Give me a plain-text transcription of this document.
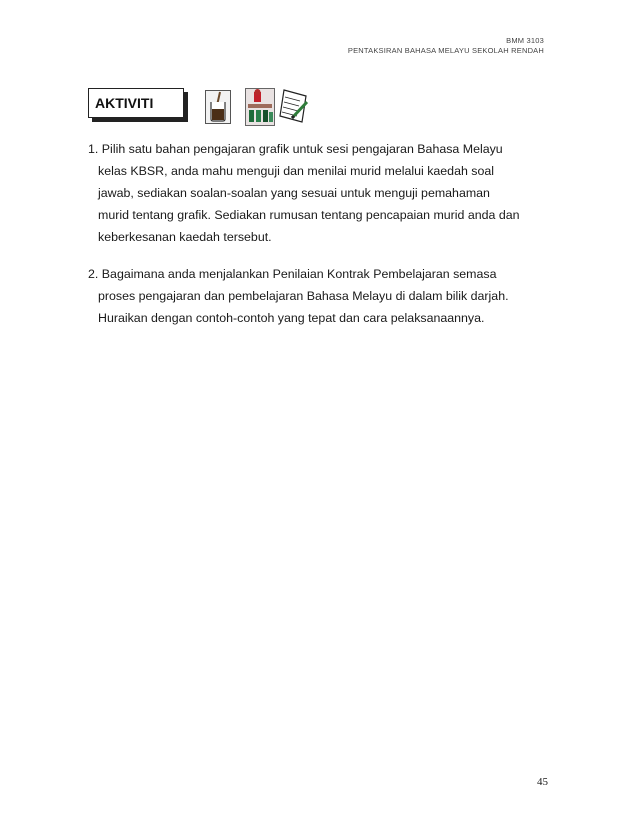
BMM 3103
PENTAKSIRAN BAHASA MELAYU SEKOLAH RENDAH
AKTIVITI
1. Pilih satu bahan pengajaran grafik untuk sesi pengajaran Bahasa Melayu
kelas KBSR, anda mahu menguji dan menilai murid melalui kaedah soal
jawab, sediakan soalan-soalan yang sesuai untuk menguji pemahaman
murid tentang grafik. Sediakan rumusan tentang pencapaian murid anda dan
keberkesanan kaedah tersebut.
2. Bagaimana anda menjalankan Penilaian Kontrak Pembelajaran semasa
proses pengajaran dan pembelajaran Bahasa Melayu di dalam bilik darjah.
Huraikan dengan contoh-contoh yang tepat dan cara pelaksanaannya.
45
